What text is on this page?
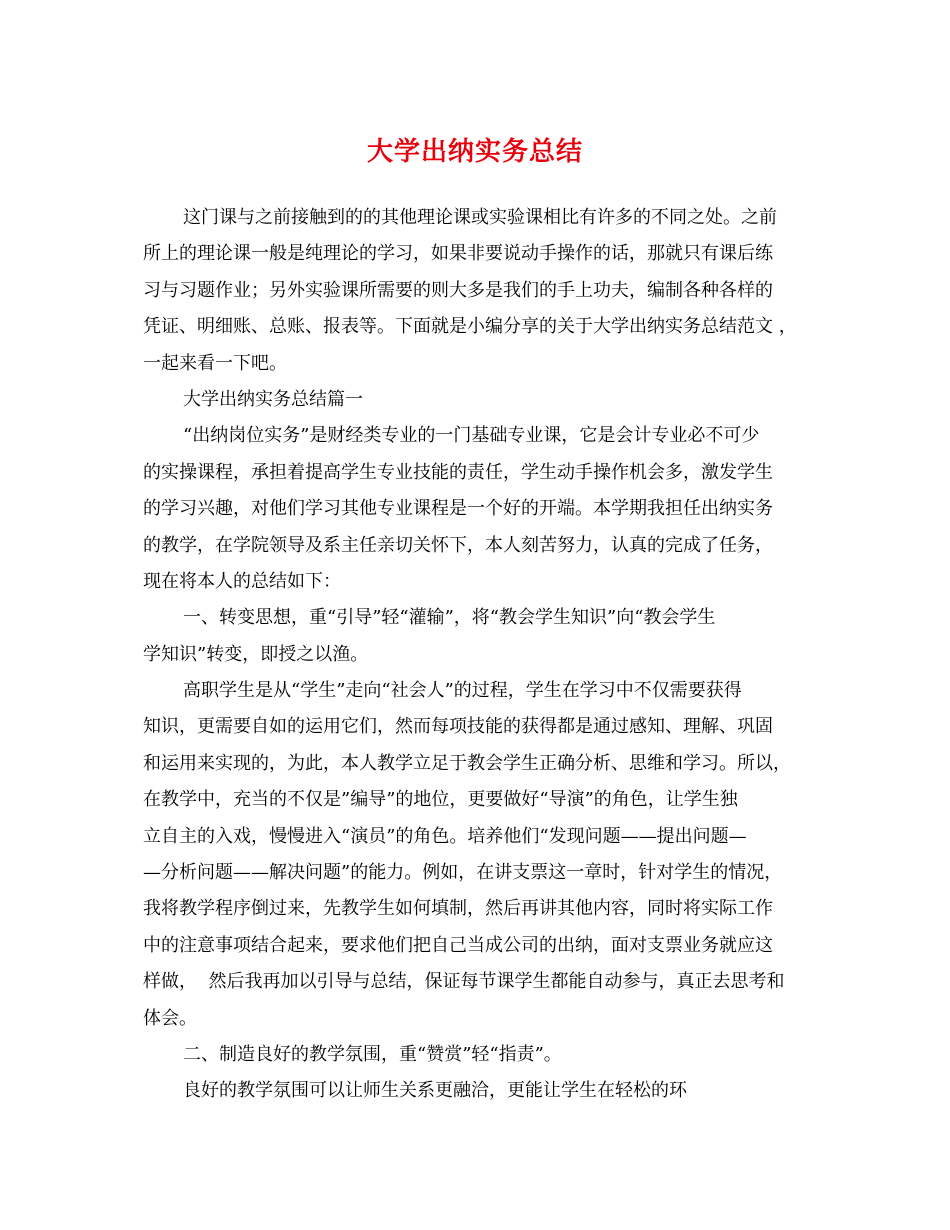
大学出纳实务总结
这门课与之前接触到的的其他理论课或实验课相比有许多的不同之处。之前
所上的理论课一般是纯理论的学习，如果非要说动手操作的话，那就只有课后练
习与习题作业；另外实验课所需要的则大多是我们的手上功夫，编制各种各样的
凭证、明细账、总账、报表等。下面就是小编分享的关于大学出纳实务总结范文 ，
一起来看一下吧。
大学出纳实务总结篇一
“出纳岗位实务”是财经类专业的一门基础专业课，它是会计专业必不可少
的实操课程，承担着提高学生专业技能的责任，学生动手操作机会多，激发学生
的学习兴趣，对他们学习其他专业课程是一个好的开端。本学期我担任出纳实务
的教学，在学院领导及系主任亲切关怀下，本人刻苦努力，认真的完成了任务，
现在将本人的总结如下：
一、转变思想，重“引导”轻“灌输”，将“教会学生知识”向“教会学生
学知识”转变，即授之以渔。
高职学生是从“学生”走向“社会人”的过程，学生在学习中不仅需要获得
知识，更需要自如的运用它们，然而每项技能的获得都是通过感知、理解、巩固
和运用来实现的，为此，本人教学立足于教会学生正确分析、思维和学习。所以，
在教学中，充当的不仅是”编导”的地位，更要做好“导演”的角色，让学生独
立自主的入戏，慢慢进入“演员”的角色。培养他们“发现问题——提出问题—
—分析问题——解决问题”的能力。例如，在讲支票这一章时，针对学生的情况，
我将教学程序倒过来，先教学生如何填制，然后再讲其他内容，同时将实际工作
中的注意事项结合起来，要求他们把自己当成公司的出纳，面对支票业务就应这
样做，  然后我再加以引导与总结，保证每节课学生都能自动参与，真正去思考和
体会。
二、制造良好的教学氛围，重“赞赏”轻“指责”。
良好的教学氛围可以让师生关系更融洽，更能让学生在轻松的环
